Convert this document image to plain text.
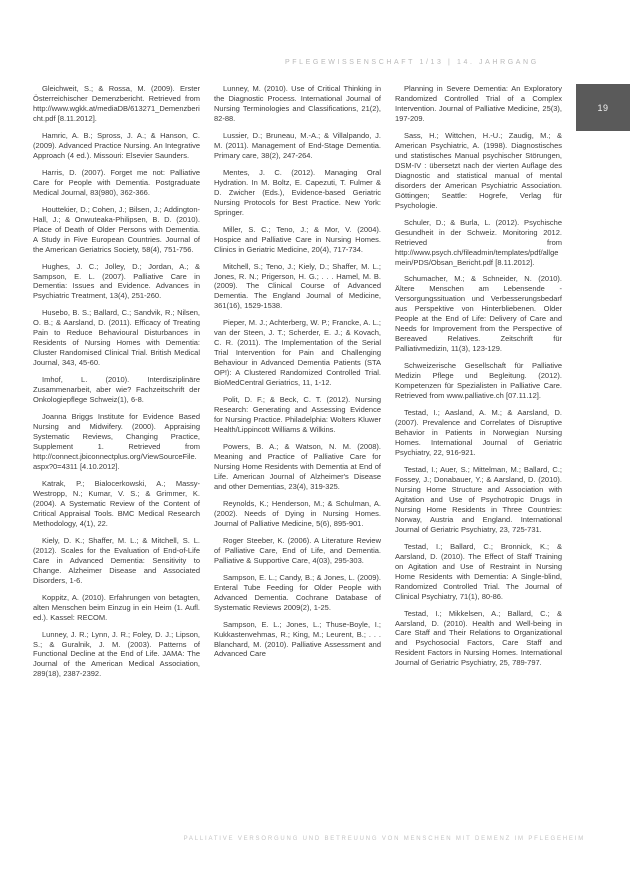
PFLEGEWISSENSCHAFT 1/13 | 14. JAHRGANG
19

Gleichweit, S.; & Rossa, M. (2009). Erster Österreichischer Demenzbericht. Retrieved from http://www.wgkk.at/mediaDB/613271_Demenzbericht.pdf [8.11.2012].

Hamric, A. B.; Spross, J. A.; & Hanson, C. (2009). Advanced Practice Nursing. An Integrative Approach (4 ed.). Missouri: Elsevier Saunders.

Harris, D. (2007). Forget me not: Palliative Care for People with Dementia. Postgraduate Medical Journal, 83(980), 362-366.

Houttekier, D.; Cohen, J.; Bilsen, J.; Addington-Hall, J.; & Onwuteaka-Philipsen, B. D. (2010). Place of Death of Older Persons with Dementia. A Study in Five European Countries. Journal of the American Geriatrics Society, 58(4), 751-756.

Hughes, J. C.; Jolley, D.; Jordan, A.; & Sampson, E. L. (2007). Palliative Care in Dementia: Issues and Evidence. Advances in Psychiatric Treatment, 13(4), 251-260.

Husebo, B. S.; Ballard, C.; Sandvik, R.; Nilsen, O. B.; & Aarsland, D. (2011). Efficacy of Treating Pain to Reduce Behavioural Disturbances in Residents of Nursing Homes with Dementia: Cluster Randomised Clinical Trial. British Medical Journal, 343, 45-60.

Imhof, L. (2010). Interdisziplinäre Zusammenarbeit, aber wie? Fachzeitschrift der Onkologiepflege Schweiz(1), 6-8.

Joanna Briggs Institute for Evidence Based Nursing and Midwifery. (2000). Appraising Systematic Reviews, Changing Practice, Supplement 1. Retrieved from http://connect.jbiconnectplus.org/ViewSourceFile.aspx?0=4311 [4.10.2012].

Katrak, P.; Bialocerkowski, A.; Massy-Westropp, N.; Kumar, V. S.; & Grimmer, K. (2004). A Systematic Review of the Content of Critical Appraisal Tools. BMC Medical Research Methodology, 4(1), 22.

Kiely, D. K.; Shaffer, M. L.; & Mitchell, S. L. (2012). Scales for the Evaluation of End-of-Life Care in Advanced Dementia: Sensitivity to Change. Alzheimer Disease and Associated Disorders, 1-6.

Koppitz, A. (2010). Erfahrungen von betagten, alten Menschen beim Einzug in ein Heim (1. Aufl. ed.). Kassel: RECOM.

Lunney, J. R.; Lynn, J. R.; Foley, D. J.; Lipson, S.; & Guralnik, J. M. (2003). Patterns of Functional Decline at the End of Life. JAMA: The Journal of the American Medical Association, 289(18), 2387-2392.

Lunney, M. (2010). Use of Critical Thinking in the Diagnostic Process. International Journal of Nursing Terminologies and Classifications, 21(2), 82-88.

Lussier, D.; Bruneau, M.-A.; & Villalpando, J. M. (2011). Management of End-Stage Dementia. Primary care, 38(2), 247-264.

Mentes, J. C. (2012). Managing Oral Hydration. In M. Boltz, E. Capezuti, T. Fulmer & D. Zwicher (Eds.), Evidence-based Geriatric Nursing Protocols for Best Practice. New York: Springer.

Miller, S. C.; Teno, J.; & Mor, V. (2004). Hospice and Palliative Care in Nursing Homes. Clinics in Geriatric Medicine, 20(4), 717-734.

Mitchell, S.; Teno, J.; Kiely, D.; Shaffer, M. L.; Jones, R. N.; Prigerson, H. G.; . . . Hamel, M. B. (2009). The Clinical Course of Advanced Dementia. The England Journal of Medicine, 361(16), 1529-1538.

Pieper, M. J.; Achterberg, W. P.; Francke, A. L.; van der Steen, J. T.; Scherder, E. J.; & Kovach, C. R. (2011). The Implementation of the Serial Trial Intervention for Pain and Challenging Behaviour in Advanced Dementia Patients (STA OP!): A Clustered Randomized Controlled Trial. BioMedCentral Geriatrics, 11, 1-12.

Polit, D. F.; & Beck, C. T. (2012). Nursing Research: Generating and Assessing Evidence for Nursing Practice. Philadelphia: Wolters Kluwer Health/Lippincott Williams & Wilkins.

Powers, B. A.; & Watson, N. M. (2008). Meaning and Practice of Palliative Care for Nursing Home Residents with Dementia at End of Life. American Journal of Alzheimer's Disease and other Dementias, 23(4), 319-325.

Reynolds, K.; Henderson, M.; & Schulman, A. (2002). Needs of Dying in Nursing Homes. Journal of Palliative Medicine, 5(6), 895-901.

Roger Steeber, K. (2006). A Literature Review of Palliative Care, End of Life, and Dementia. Palliative & Supportive Care, 4(03), 295-303.

Sampson, E. L.; Candy, B.; & Jones, L. (2009). Enteral Tube Feeding for Older People with Advanced Dementia. Cochrane Database of Systematic Reviews 2009(2), 1-25.

Sampson, E. L.; Jones, L.; Thuse-Boyle, I.; Kukkastenvehmas, R.; King, M.; Leurent, B.; . . . Blanchard, M. (2010). Palliative Assessment and Advanced Care

Planning in Severe Dementia: An Exploratory Randomized Controlled Trial of a Complex Intervention. Journal of Palliative Medicine, 25(3), 197-209.

Sass, H.; Wittchen, H.-U.; Zaudig, M.; & American Psychiatric, A. (1998). Diagnostisches und statistisches Manual psychischer Störungen, DSM-IV : übersetzt nach der vierten Auflage des Diagnostic and statistical manual of mental disorders der American Psychiatric Association. Göttingen; Seattle: Hogrefe, Verlag für Psychologie.

Schuler, D.; & Burla, L. (2012). Psychische Gesundheit in der Schweiz. Monitoring 2012. Retrieved from http://www.psych.ch/fileadmin/templates/pdf/allgemein/PDS/Obsan_Bericht.pdf [8.11.2012].

Schumacher, M.; & Schneider, N. (2010). Ältere Menschen am Lebensende - Versorgungssituation und Verbesserungsbedarf aus Perspektive von Hinterbliebenen. Older People at the End of Life: Delivery of Care and Needs for Improvement from the Perspective of Bereaved Relatives. Zeitschrift für Palliativmedizin, 11(3), 123-129.

Schweizerische Gesellschaft für Palliative Medizin Pflege und Begleitung. (2012). Kompetenzen für Spezialisten in Palliative Care. Retrieved from www.palliative.ch [07.11.12].

Testad, I.; Aasland, A. M.; & Aarsland, D. (2007). Prevalence and Correlates of Disruptive Behavior in Patients in Norwegian Nursing Homes. International Journal of Geriatric Psychiatry, 22, 916-921.

Testad, I.; Auer, S.; Mittelman, M.; Ballard, C.; Fossey, J.; Donabauer, Y.; & Aarsland, D. (2010). Nursing Home Structure and Association with Agitation and Use of Psychotropic Drugs in Nursing Home Residents in Three Countries: Norway, Austria and England. International Journal of Geriatric Psychiatry, 23, 725-731.

Testad, I.; Ballard, C.; Bronnick, K.; & Aarsland, D. (2010). The Effect of Staff Training on Agitation and Use of Restraint in Nursing Home Residents with Dementia: A Single-blind, Randomized Controlled Trial. The Journal of Clinical Psychiatry, 71(1), 80-86.

Testad, I.; Mikkelsen, A.; Ballard, C.; & Aarsland, D. (2010). Health and Well-being in Care Staff and Their Relations to Organizational and Psychosocial Factors, Care Staff and Resident Factors in Nursing Homes. International Journal of Geriatric Psychiatry, 25, 789-797.

PALLIATIVE VERSORGUNG UND BETREUUNG VON MENSCHEN MIT DEMENZ IM PFLEGEHEIM
